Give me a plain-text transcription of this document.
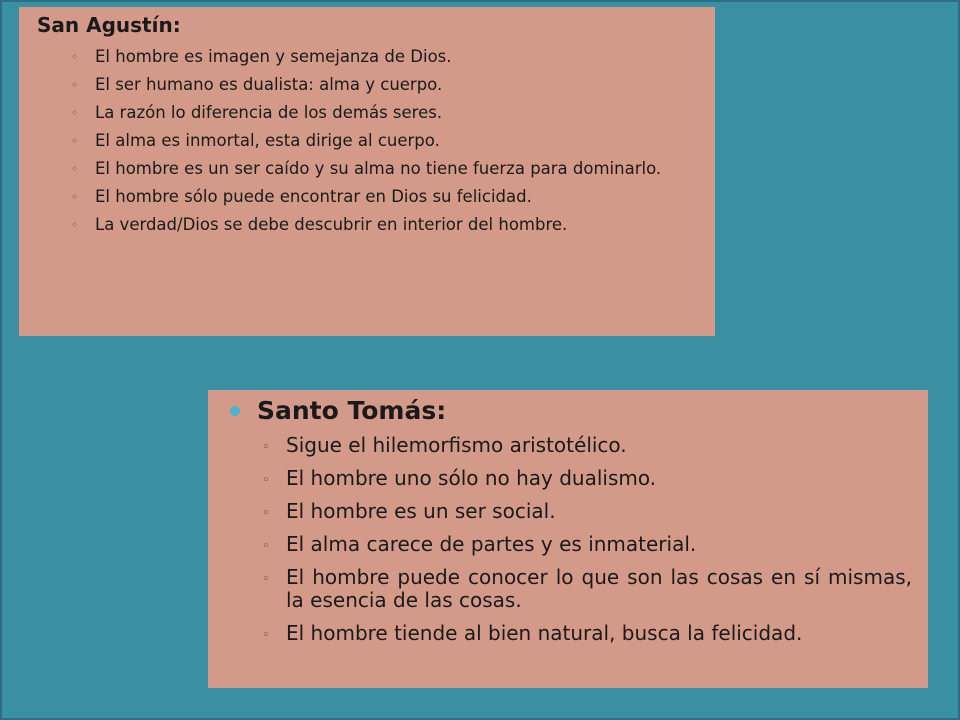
San Agustín:
◦ El hombre es imagen y semejanza de Dios.
◦ El ser humano es dualista: alma y cuerpo.
◦ La razón lo diferencia de los demás seres.
◦ El alma es inmortal, esta dirige al cuerpo.
◦ El hombre es un ser caído y su alma no tiene fuerza para dominarlo.
◦ El hombre sólo puede encontrar en Dios su felicidad.
◦ La verdad/Dios se debe descubrir en interior del hombre.
Santo Tomás:
◦ Sigue el hilemorfismo aristotélico.
◦ El hombre uno sólo no hay dualismo.
◦ El hombre es un ser social.
◦ El alma carece de partes y es inmaterial.
◦ El hombre puede conocer lo que son las cosas en sí mismas, la esencia de las cosas.
◦ El hombre tiende al bien natural, busca la felicidad.
